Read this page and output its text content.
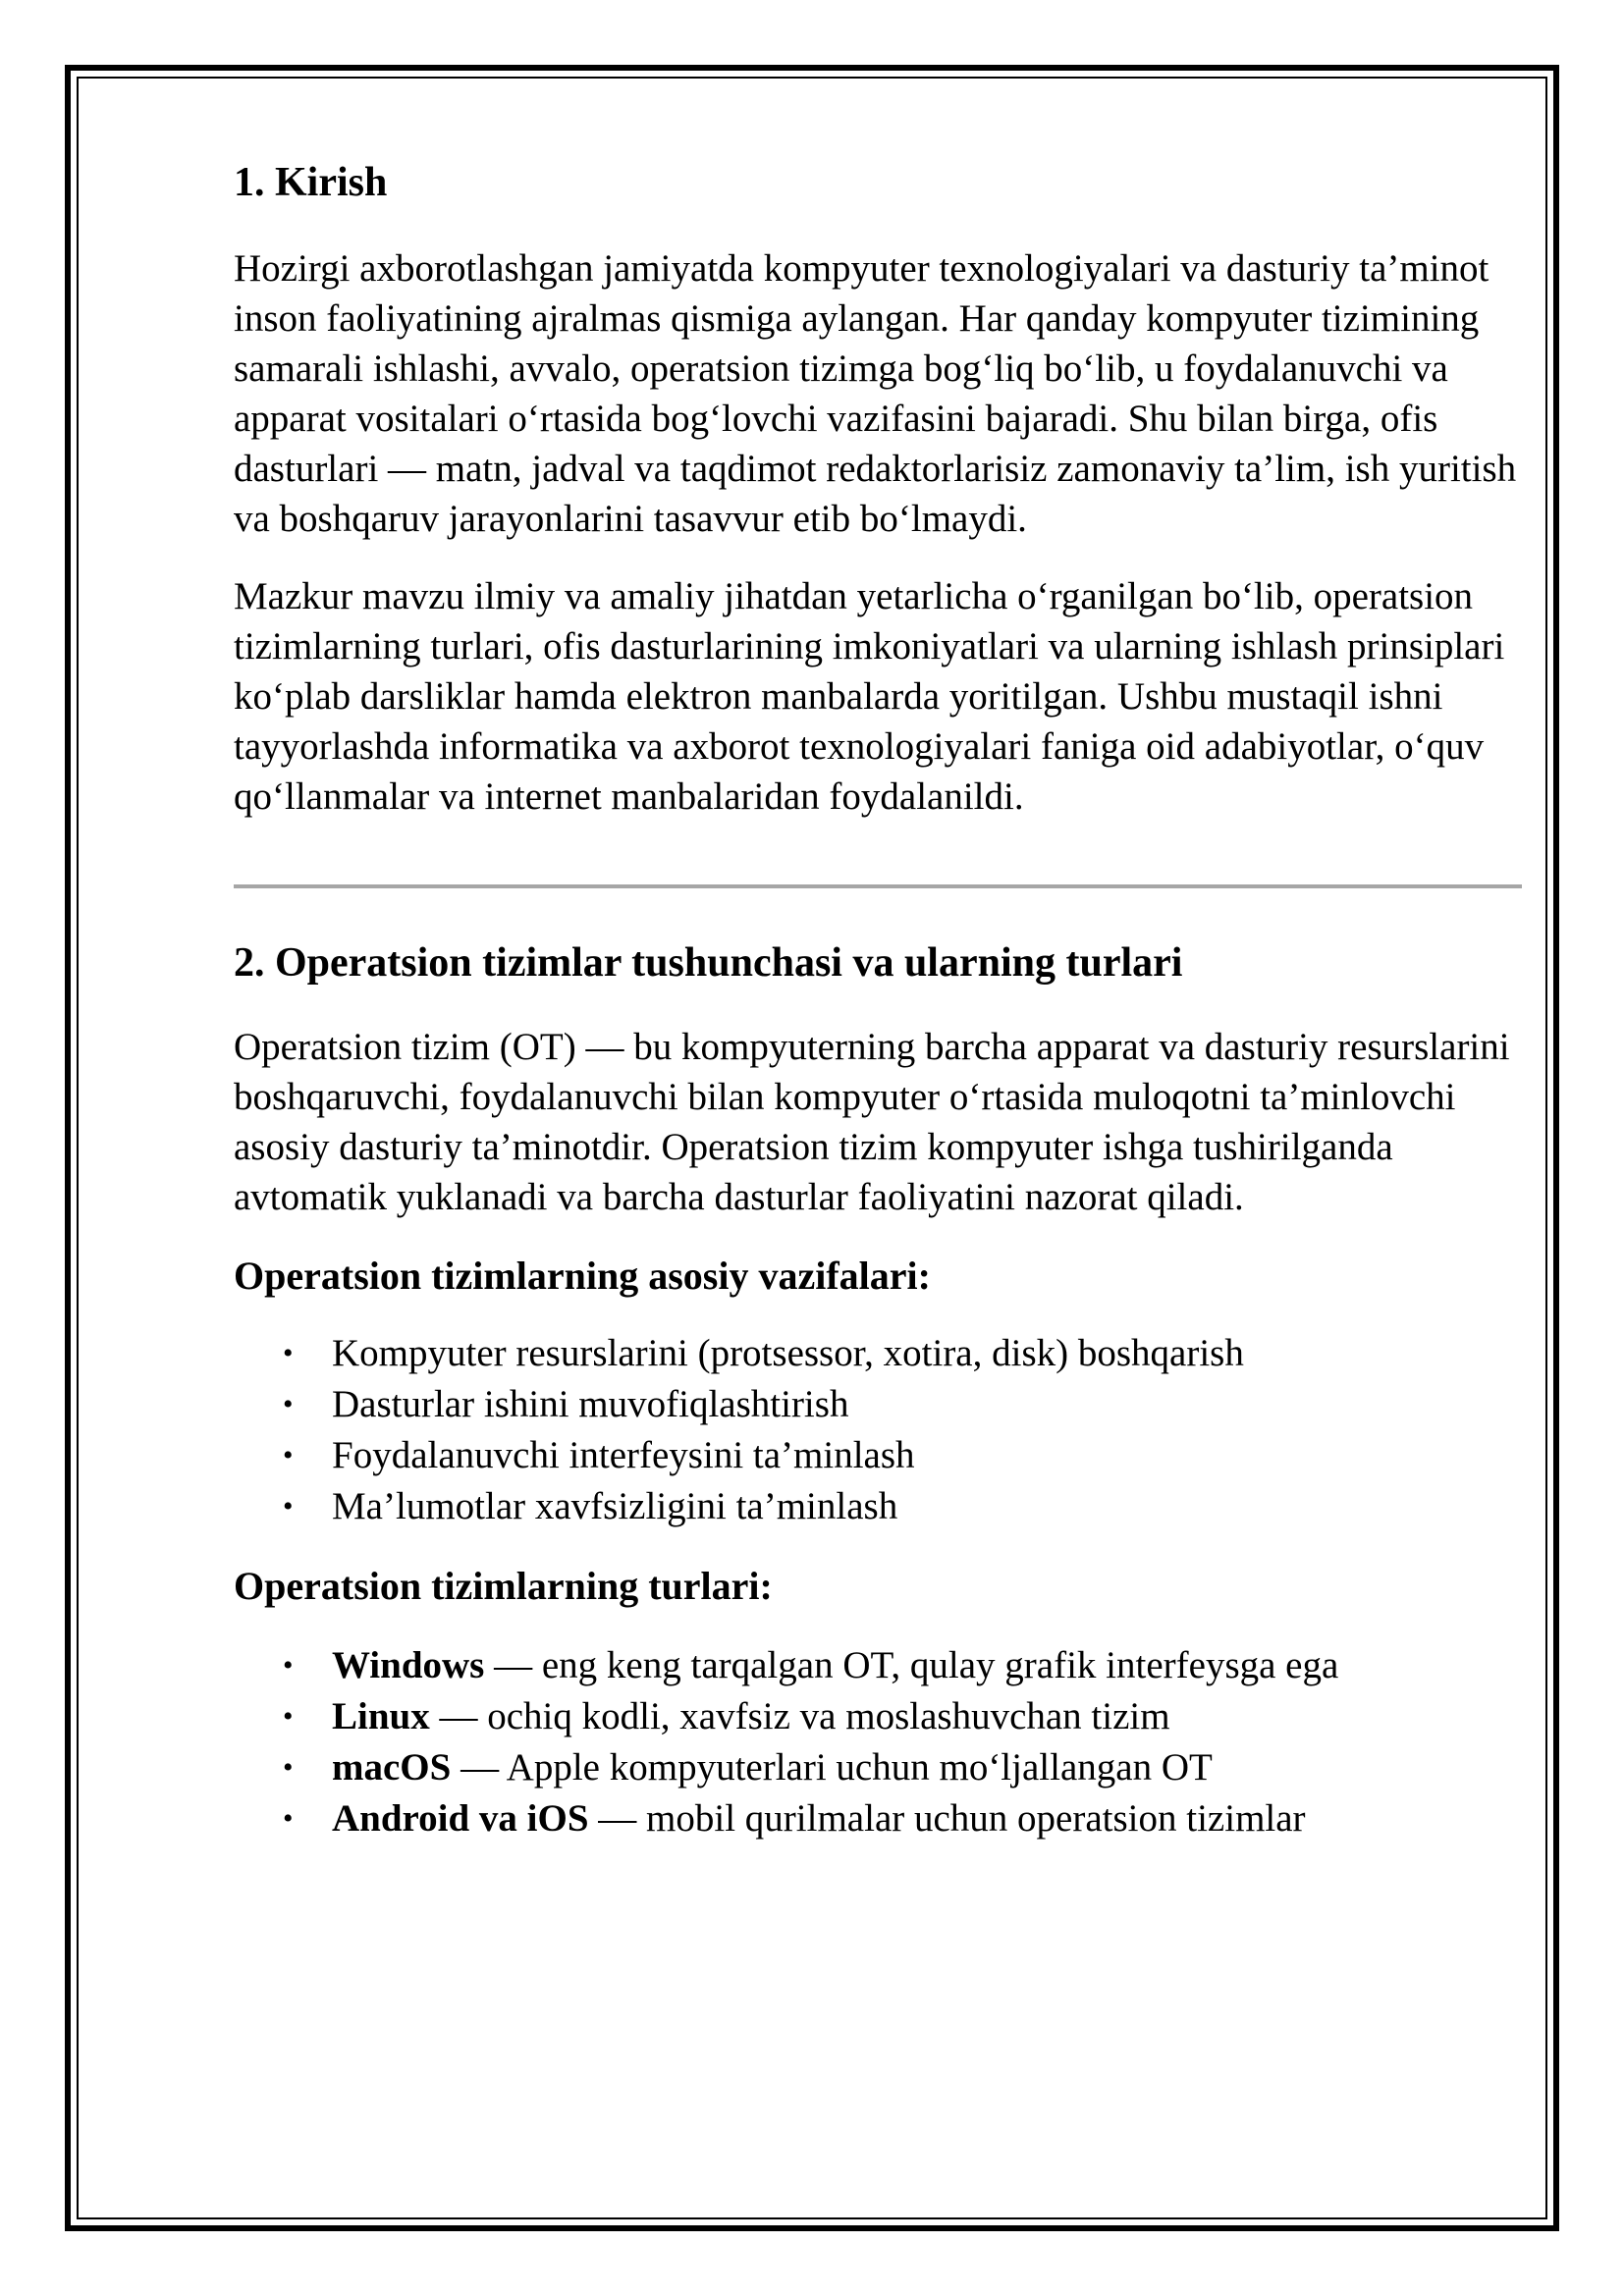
1. Kirish

Hozirgi axborotlashgan jamiyatda kompyuter texnologiyalari va dasturiy ta’minot inson faoliyatining ajralmas qismiga aylangan. Har qanday kompyuter tizimining samarali ishlashi, avvalo, operatsion tizimga bog‘liq bo‘lib, u foydalanuvchi va apparat vositalari o‘rtasida bog‘lovchi vazifasini bajaradi. Shu bilan birga, ofis dasturlari — matn, jadval va taqdimot redaktorlarisiz zamonaviy ta’lim, ish yuritish va boshqaruv jarayonlarini tasavvur etib bo‘lmaydi.

Mazkur mavzu ilmiy va amaliy jihatdan yetarlicha o‘rganilgan bo‘lib, operatsion tizimlarning turlari, ofis dasturlarining imkoniyatlari va ularning ishlash prinsiplari ko‘plab darsliklar hamda elektron manbalarda yoritilgan. Ushbu mustaqil ishni tayyorlashda informatika va axborot texnologiyalari faniga oid adabiyotlar, o‘quv qo‘llanmalar va internet manbalaridan foydalanildi.

2. Operatsion tizimlar tushunchasi va ularning turlari

Operatsion tizim (OT) — bu kompyuterning barcha apparat va dasturiy resurslarini boshqaruvchi, foydalanuvchi bilan kompyuter o‘rtasida muloqotni ta’minlovchi asosiy dasturiy ta’minotdir. Operatsion tizim kompyuter ishga tushirilganda avtomatik yuklanadi va barcha dasturlar faoliyatini nazorat qiladi.

Operatsion tizimlarning asosiy vazifalari:
• Kompyuter resurslarini (protsessor, xotira, disk) boshqarish
• Dasturlar ishini muvofiqlashtirish
• Foydalanuvchi interfeysini ta’minlash
• Ma’lumotlar xavfsizligini ta’minlash
Operatsion tizimlarning turlari:
• Windows — eng keng tarqalgan OT, qulay grafik interfeysga ega
• Linux — ochiq kodli, xavfsiz va moslashuvchan tizim
• macOS — Apple kompyuterlari uchun mo‘ljallangan OT
• Android va iOS — mobil qurilmalar uchun operatsion tizimlar
